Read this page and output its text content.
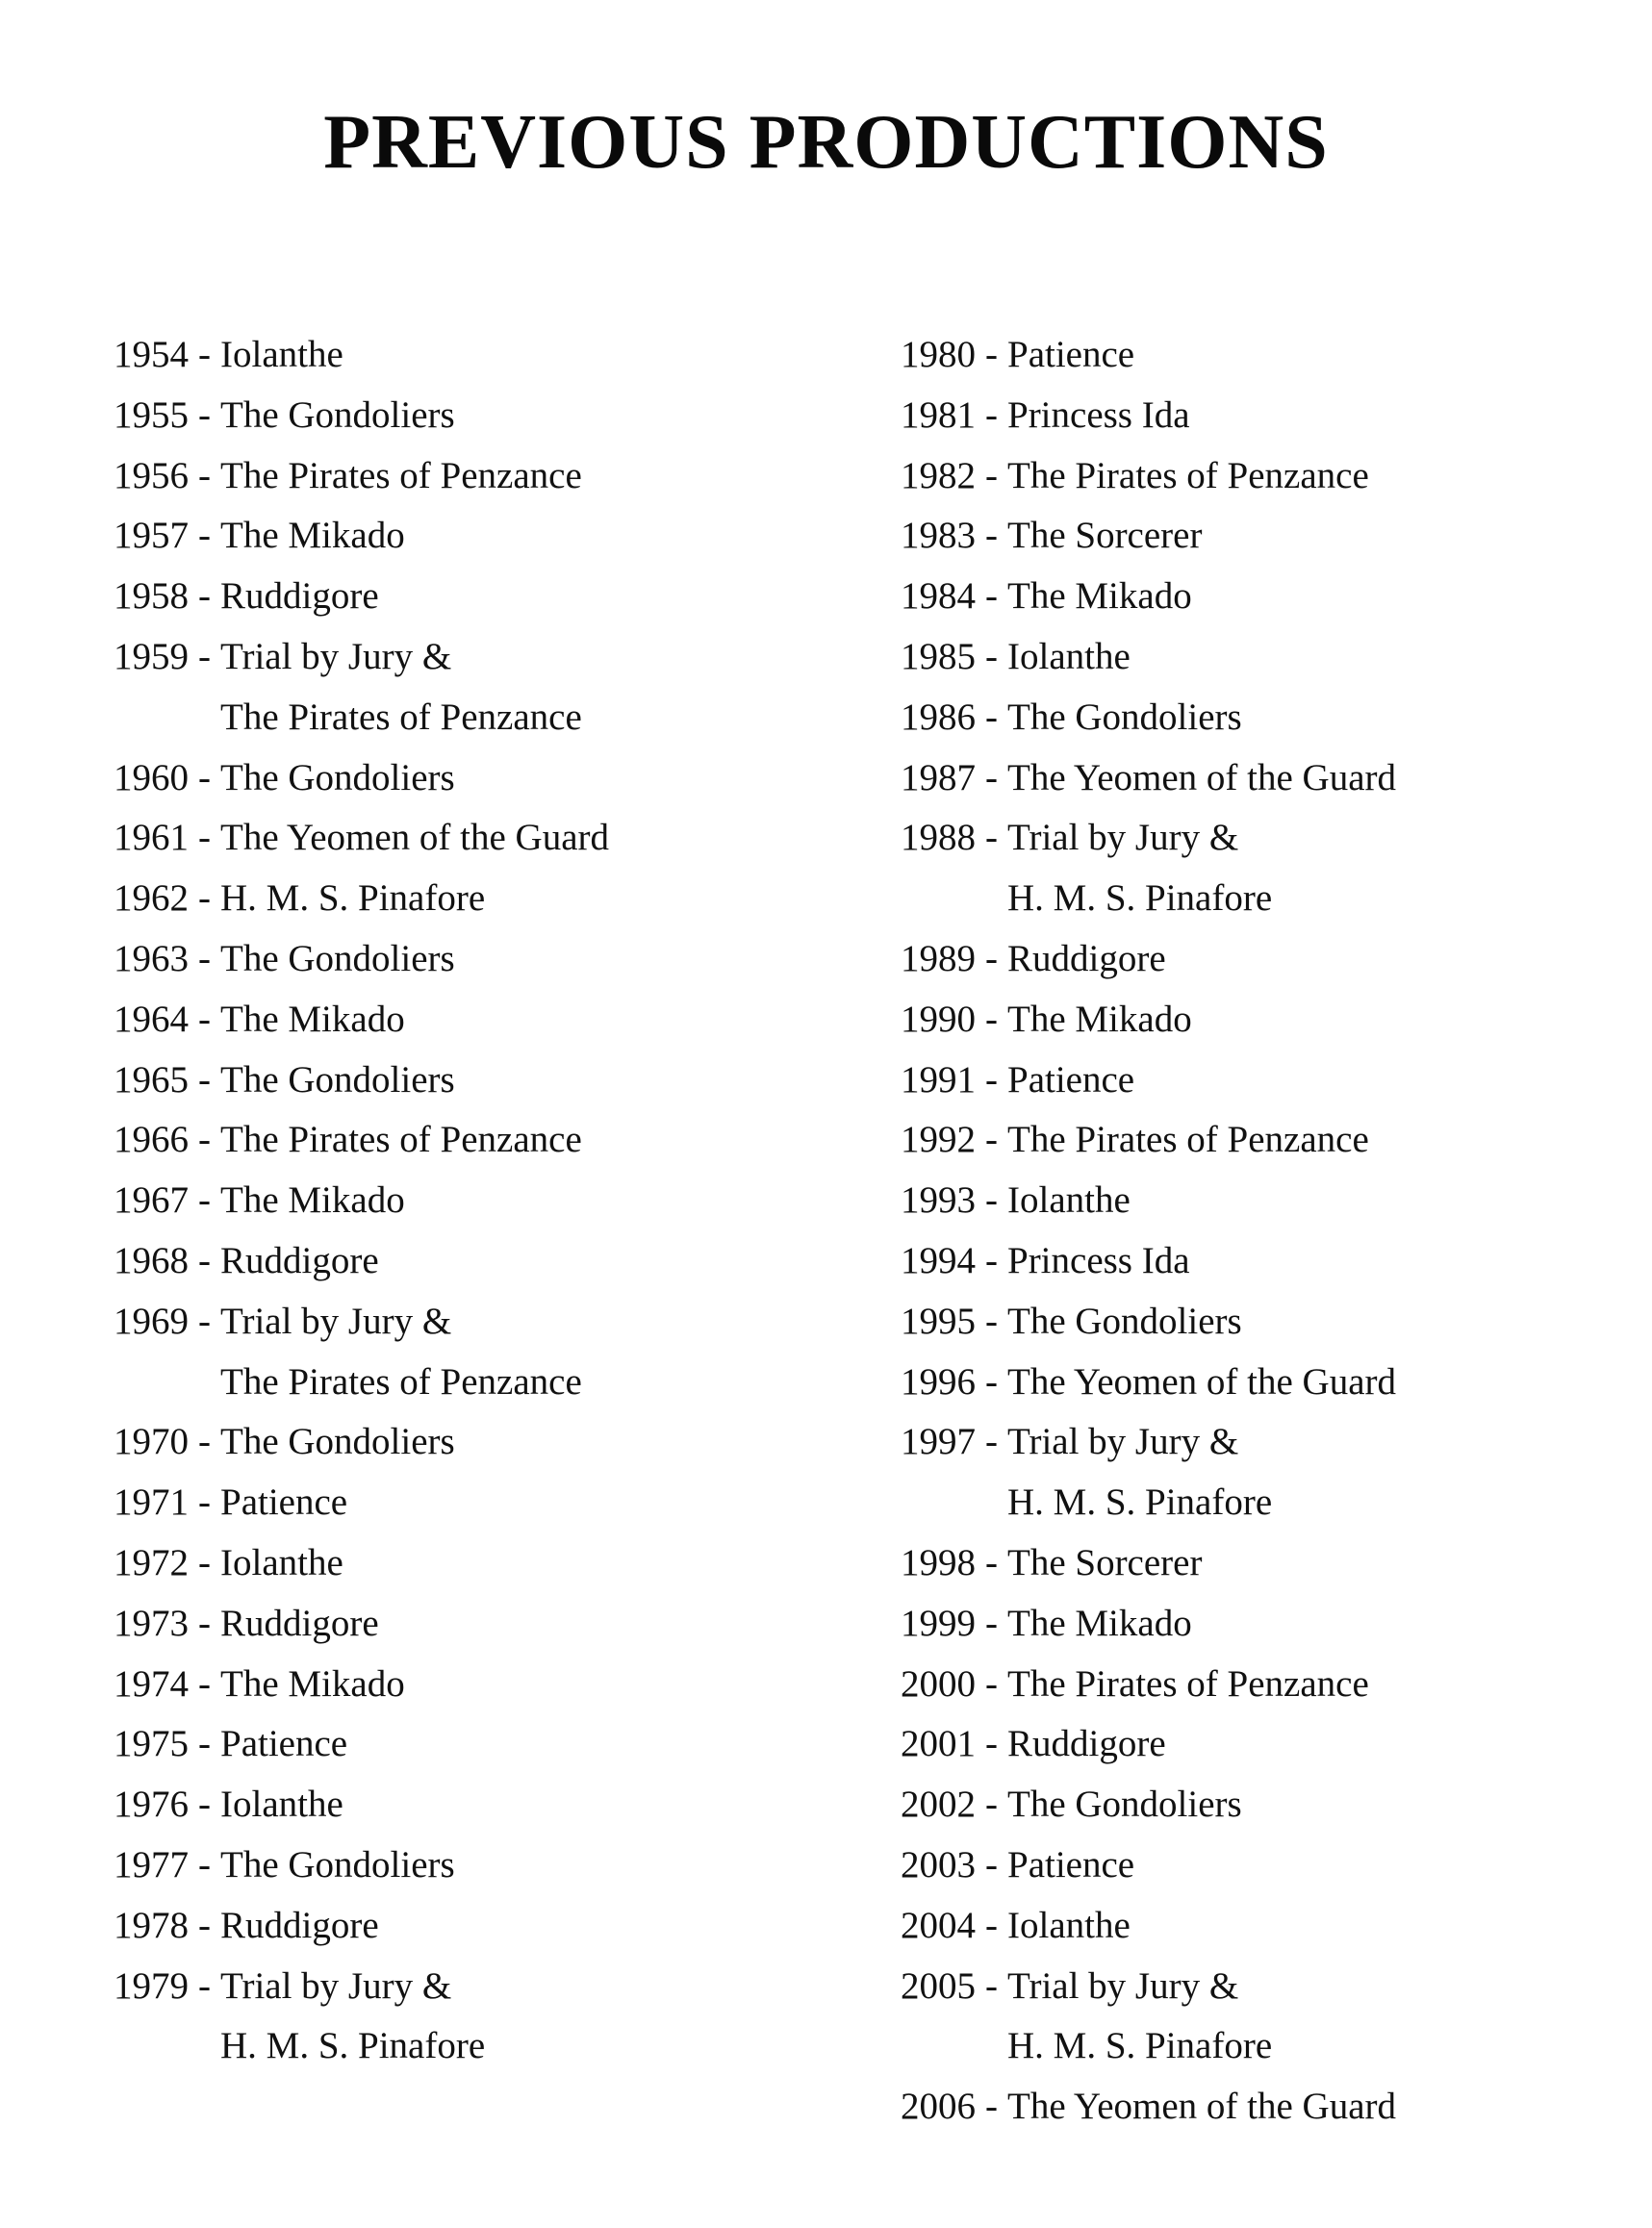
PREVIOUS PRODUCTIONS
1954 - Iolanthe
1955 - The Gondoliers
1956 - The Pirates of Penzance
1957 - The Mikado
1958 - Ruddigore
1959 - Trial by Jury &
The Pirates of Penzance
1960 - The Gondoliers
1961 - The Yeomen of the Guard
1962 - H. M. S. Pinafore
1963 - The Gondoliers
1964 - The Mikado
1965 - The Gondoliers
1966 - The Pirates of Penzance
1967 - The Mikado
1968 - Ruddigore
1969 - Trial by Jury &
The Pirates of Penzance
1970 - The Gondoliers
1971 - Patience
1972 - Iolanthe
1973 - Ruddigore
1974 - The Mikado
1975 - Patience
1976 - Iolanthe
1977 - The Gondoliers
1978 - Ruddigore
1979 - Trial by Jury &
H. M. S. Pinafore
1980 - Patience
1981 - Princess Ida
1982 - The Pirates of Penzance
1983 - The Sorcerer
1984 - The Mikado
1985 - Iolanthe
1986 - The Gondoliers
1987 - The Yeomen of the Guard
1988 - Trial by Jury &
H. M. S. Pinafore
1989 - Ruddigore
1990 - The Mikado
1991 - Patience
1992 - The Pirates of Penzance
1993 - Iolanthe
1994 - Princess Ida
1995 - The Gondoliers
1996 - The Yeomen of the Guard
1997 - Trial by Jury &
H. M. S. Pinafore
1998 - The Sorcerer
1999 - The Mikado
2000 - The Pirates of Penzance
2001 - Ruddigore
2002 - The Gondoliers
2003 - Patience
2004 - Iolanthe
2005 - Trial by Jury &
H. M. S. Pinafore
2006 - The Yeomen of the Guard
